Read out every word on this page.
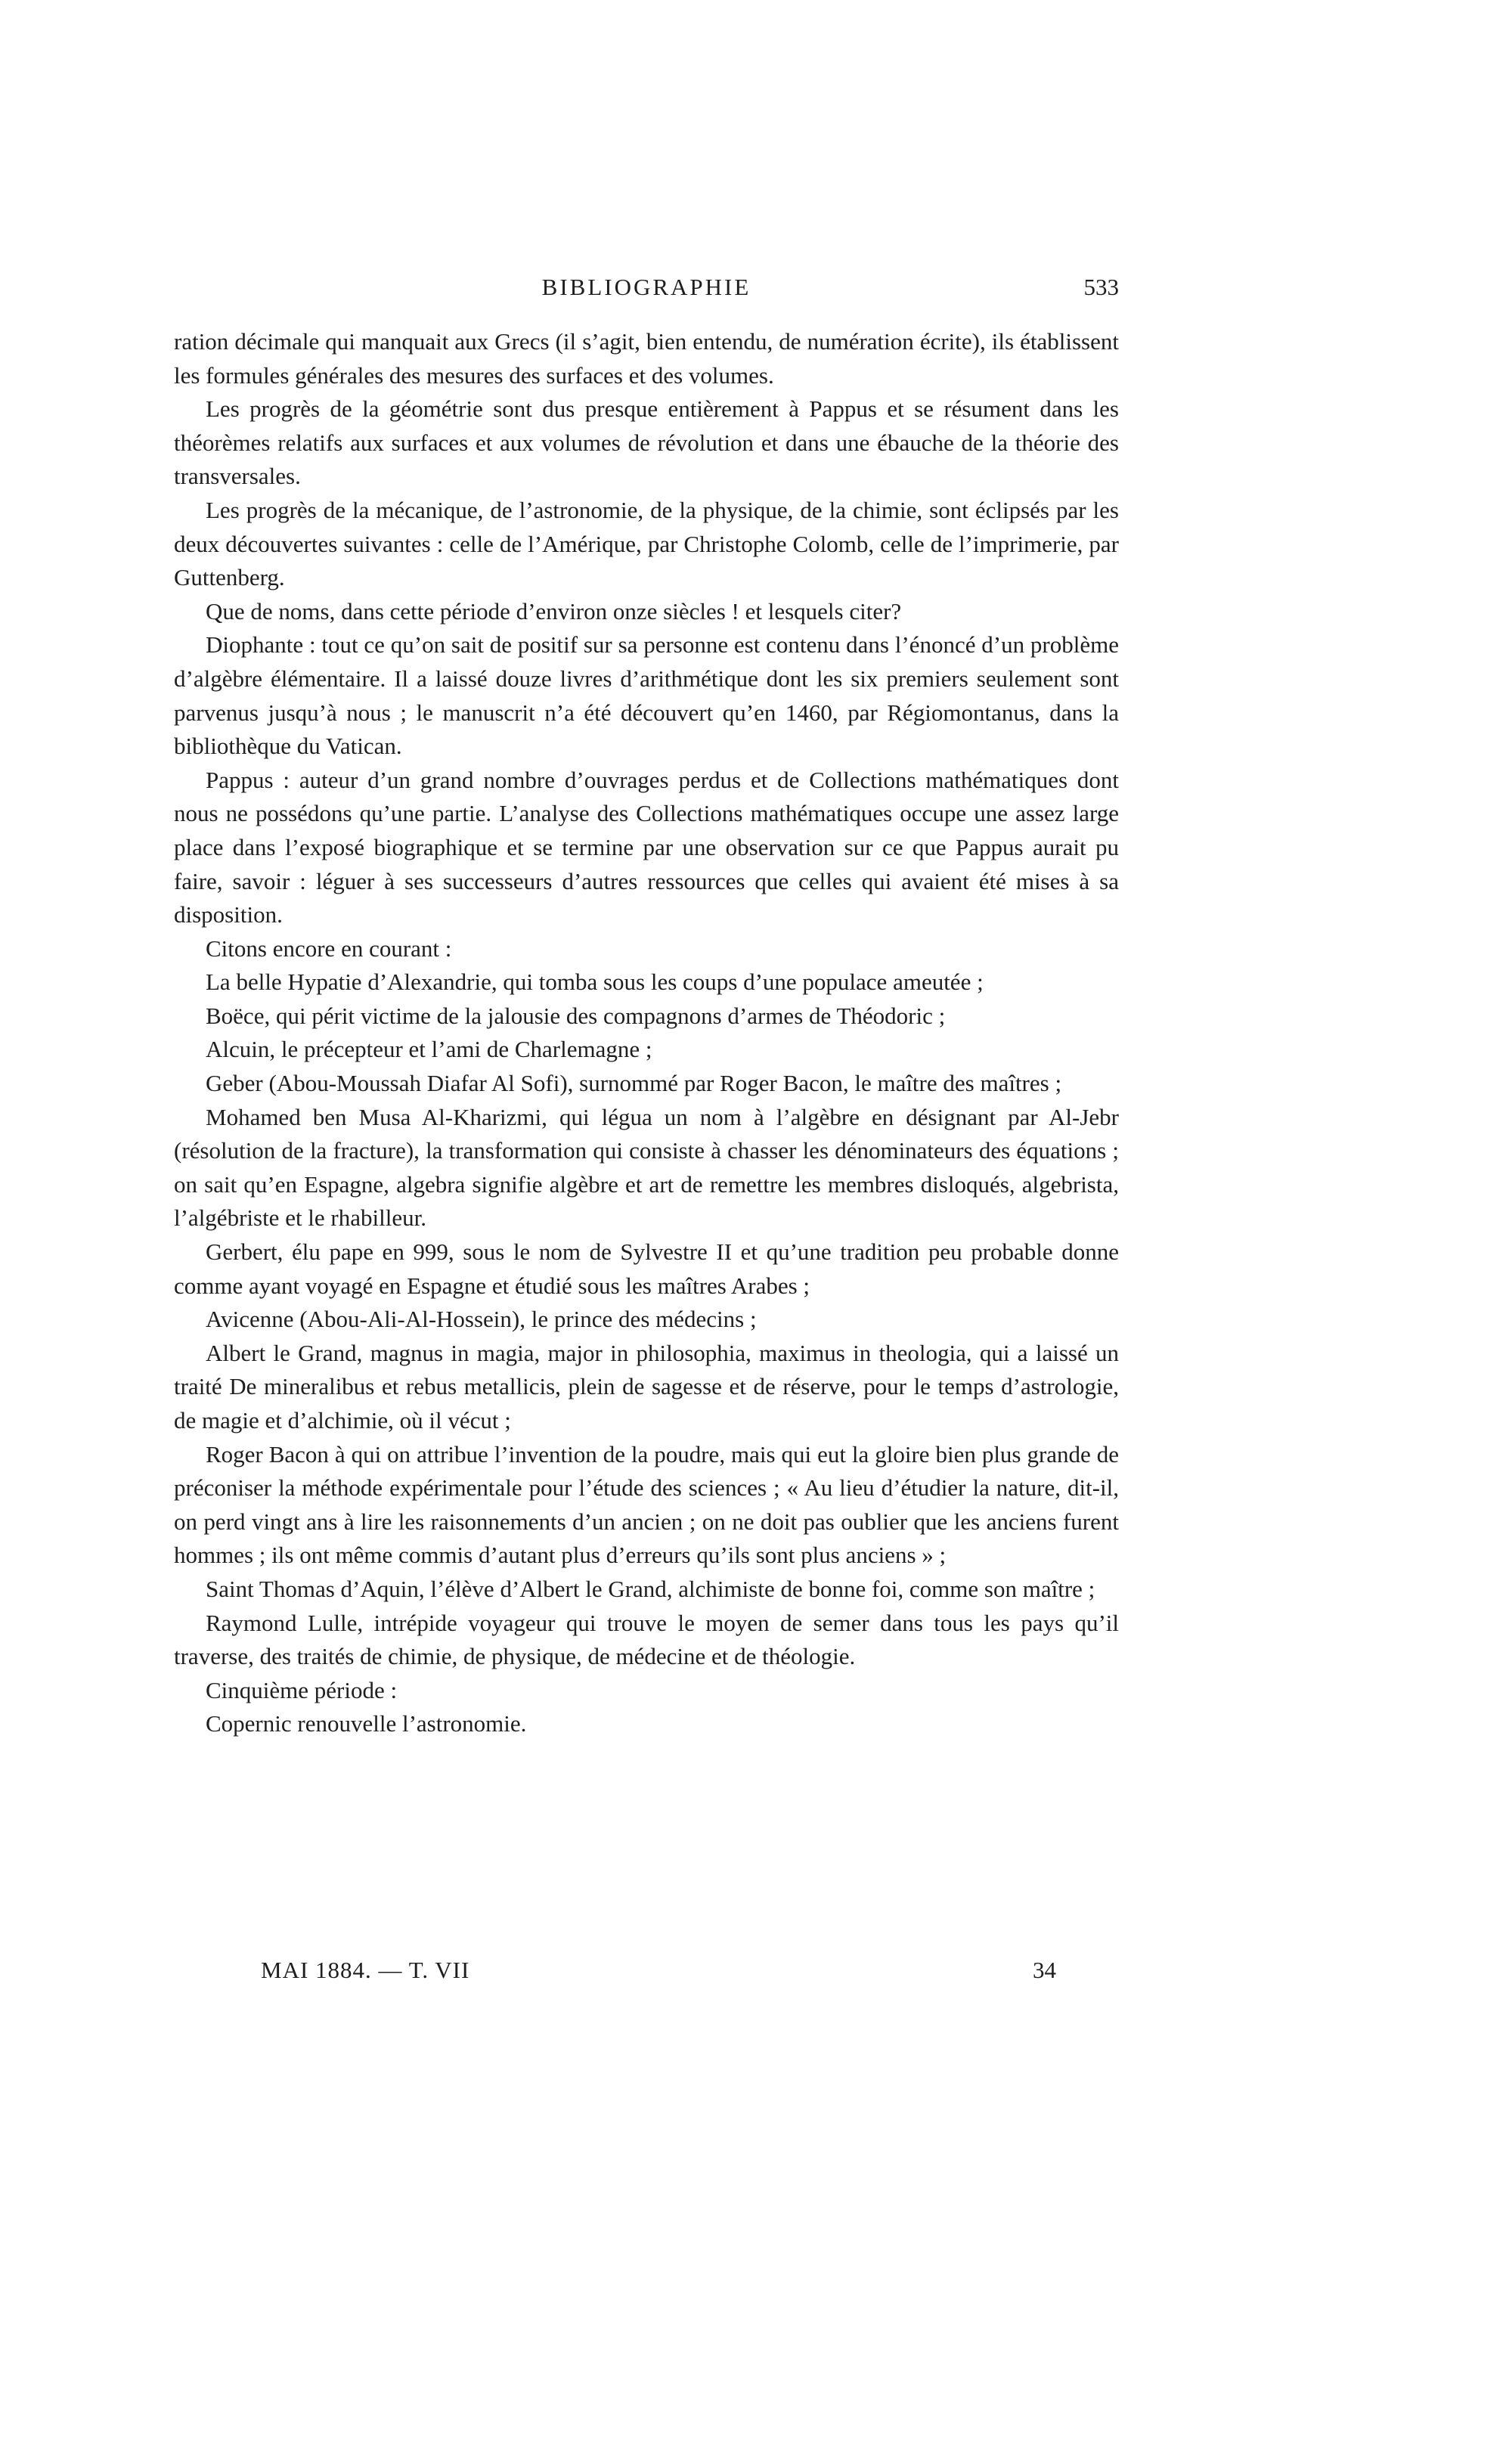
BIBLIOGRAPHIE	533

ration décimale qui manquait aux Grecs (il s’agit, bien entendu, de numération écrite), ils établissent les formules générales des mesures des surfaces et des volumes.

Les progrès de la géométrie sont dus presque entièrement à Pappus et se résument dans les théorèmes relatifs aux surfaces et aux volumes de révolution et dans une ébauche de la théorie des transversales.

Les progrès de la mécanique, de l’astronomie, de la physique, de la chimie, sont éclipsés par les deux découvertes suivantes : celle de l’Amérique, par Christophe Colomb, celle de l’imprimerie, par Guttenberg.

Que de noms, dans cette période d’environ onze siècles ! et lesquels citer?

Diophante : tout ce qu’on sait de positif sur sa personne est contenu dans l’énoncé d’un problème d’algèbre élémentaire. Il a laissé douze livres d’arithmétique dont les six premiers seulement sont parvenus jusqu’à nous ; le manuscrit n’a été découvert qu’en 1460, par Régiomontanus, dans la bibliothèque du Vatican.

Pappus : auteur d’un grand nombre d’ouvrages perdus et de Collections mathématiques dont nous ne possédons qu’une partie. L’analyse des Collections mathématiques occupe une assez large place dans l’exposé biographique et se termine par une observation sur ce que Pappus aurait pu faire, savoir : léguer à ses successeurs d’autres ressources que celles qui avaient été mises à sa disposition.

Citons encore en courant :

La belle Hypatie d’Alexandrie, qui tomba sous les coups d’une populace ameutée ;

Boëce, qui périt victime de la jalousie des compagnons d’armes de Théodoric ;

Alcuin, le précepteur et l’ami de Charlemagne ;

Geber (Abou-Moussah Diafar Al Sofi), surnommé par Roger Bacon, le maître des maîtres ;

Mohamed ben Musa Al-Kharizmi, qui légua un nom à l’algèbre en désignant par Al-Jebr (résolution de la fracture), la transformation qui consiste à chasser les dénominateurs des équations ; on sait qu’en Espagne, algebra signifie algèbre et art de remettre les membres disloqués, algebrista, l’algébriste et le rhabilleur.

Gerbert, élu pape en 999, sous le nom de Sylvestre II et qu’une tradition peu probable donne comme ayant voyagé en Espagne et étudié sous les maîtres Arabes ;

Avicenne (Abou-Ali-Al-Hossein), le prince des médecins ;

Albert le Grand, magnus in magia, major in philosophia, maximus in theologia, qui a laissé un traité De mineralibus et rebus metallicis, plein de sagesse et de réserve, pour le temps d’astrologie, de magie et d’alchimie, où il vécut ;

Roger Bacon à qui on attribue l’invention de la poudre, mais qui eut la gloire bien plus grande de préconiser la méthode expérimentale pour l’étude des sciences ; « Au lieu d’étudier la nature, dit-il, on perd vingt ans à lire les raisonnements d’un ancien ; on ne doit pas oublier que les anciens furent hommes ; ils ont même commis d’autant plus d’erreurs qu’ils sont plus anciens » ;

Saint Thomas d’Aquin, l’élève d’Albert le Grand, alchimiste de bonne foi, comme son maître ;

Raymond Lulle, intrépide voyageur qui trouve le moyen de semer dans tous les pays qu’il traverse, des traités de chimie, de physique, de médecine et de théologie.

Cinquième période :

Copernic renouvelle l’astronomie.

MAI 1884. — T. VII	34
